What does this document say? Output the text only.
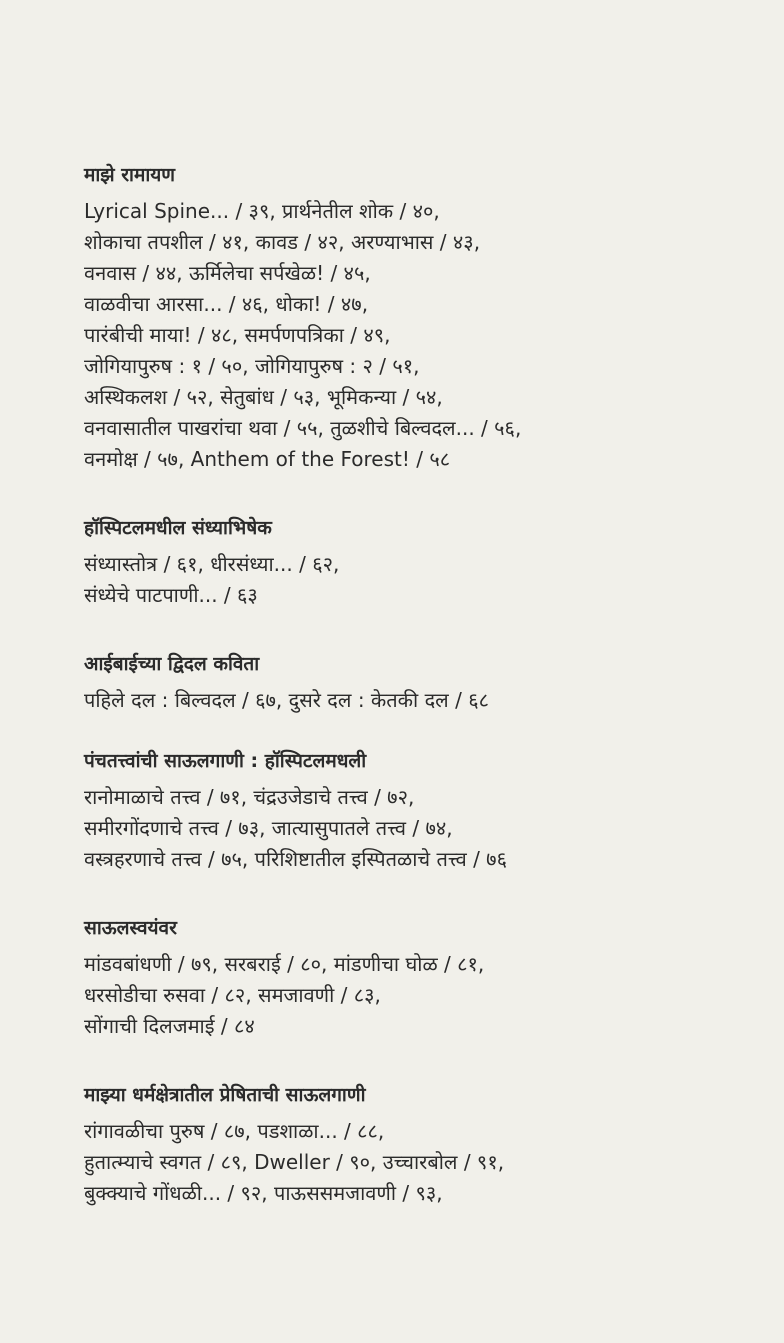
माझे रामायण
Lyrical Spine... / ३९, प्रार्थनेतील शोक / ४०,
शोकाचा तपशील / ४१, कावड / ४२, अरण्याभास / ४३,
वनवास / ४४, ऊर्मिलेचा सर्पखेळ! / ४५,
वाळवीचा आरसा... / ४६, धोका! / ४७,
पारंबीची माया! / ४८, समर्पणपत्रिका / ४९,
जोगियापुरुष : १ / ५०, जोगियापुरुष : २ / ५१,
अस्थिकलश / ५२, सेतुबांध / ५३, भूमिकन्या / ५४,
वनवासातील पाखरांचा थवा / ५५, तुळशीचे बिल्वदल... / ५६,
वनमोक्ष / ५७, Anthem of the Forest! / ५८
हॉस्पिटलमधील संध्याभिषेक
संध्यास्तोत्र / ६१, धीरसंध्या... / ६२,
संध्येचे पाटपाणी... / ६३
आईबाईच्या द्विदल कविता
पहिले दल : बिल्वदल / ६७, दुसरे दल : केतकी दल / ६८
पंचतत्त्वांची साऊलगाणी : हॉस्पिटलमधली
रानोमाळाचे तत्त्व / ७१, चंद्रउजेडाचे तत्त्व / ७२,
समीरगोंदणाचे तत्त्व / ७३, जात्यासुपातले तत्त्व / ७४,
वस्त्रहरणाचे तत्त्व / ७५, परिशिष्टातील इस्पितळाचे तत्त्व / ७६
साऊलस्वयंवर
मांडवबांधणी / ७९, सरबराई / ८०, मांडणीचा घोळ / ८१,
धरसोडीचा रुसवा / ८२, समजावणी / ८३,
सोंगाची दिलजमाई / ८४
माझ्या धर्मक्षेत्रातील प्रेषिताची साऊलगाणी
रांगावळीचा पुरुष / ८७, पडशाळा... / ८८,
हुतात्म्याचे स्वगत / ८९, Dweller / ९०, उच्चारबोल / ९१,
बुक्क्याचे गोंधळी... / ९२, पाऊससमजावणी / ९३,
